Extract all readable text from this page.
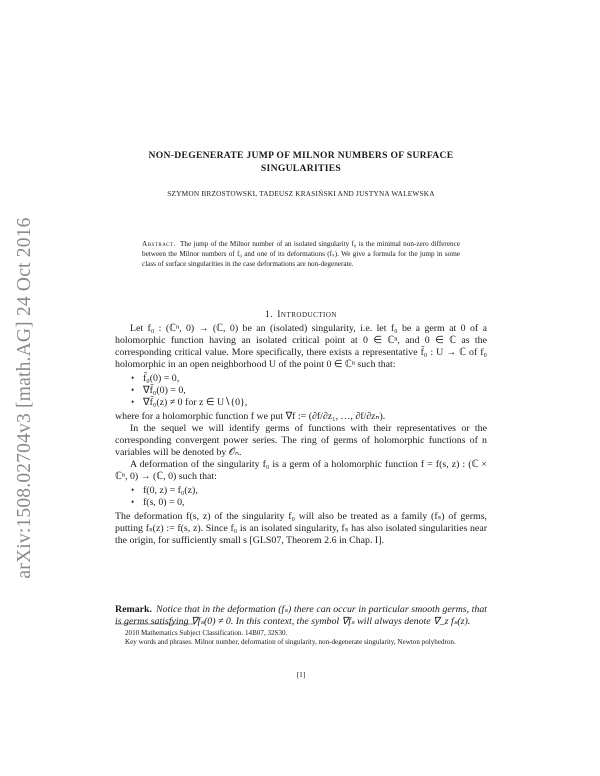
arXiv:1508.02704v3 [math.AG] 24 Oct 2016
NON-DEGENERATE JUMP OF MILNOR NUMBERS OF SURFACE
SINGULARITIES
SZYMON BRZOSTOWSKI, TADEUSZ KRASIŃSKI AND JUSTYNA WALEWSKA
Abstract. The jump of the Milnor number of an isolated singularity f₀ is the minimal non-zero difference between the Milnor numbers of f₀ and one of its deformations (fₛ). We give a formula for the jump in some class of surface singularities in the case deformations are non-degenerate.
1. Introduction

Let f₀ : (ℂⁿ, 0) → (ℂ, 0) be an (isolated) singularity, i.e. let f₀ be a germ at 0 of a holomorphic function having an isolated critical point at 0 ∈ ℂⁿ, and 0 ∈ ℂ as the corresponding critical value. More specifically, there exists a representative f̃₀ : U → ℂ of f₀ holomorphic in an open neighborhood U of the point 0 ∈ ℂⁿ such that:

• f̃₀(0) = 0,
• ∇f̃₀(0) = 0,
• ∇f̃₀(z) ≠ 0 for z ∈ U∖{0},

where for a holomorphic function f we put ∇f := (∂f/∂z₁, …, ∂f/∂zₙ).

In the sequel we will identify germs of functions with their representatives or the corresponding convergent power series. The ring of germs of holomorphic functions of n variables will be denoted by 𝒪ₙ.

A deformation of the singularity f₀ is a germ of a holomorphic function f = f(s, z) : (ℂ × ℂⁿ, 0) → (ℂ, 0) such that:

• f(0, z) = f₀(z),
• f(s, 0) = 0,

The deformation f(s, z) of the singularity f₀ will also be treated as a family (fₛ) of germs, putting fₛ(z) := f(s, z). Since f₀ is an isolated singularity, fₛ has also isolated singularities near the origin, for sufficiently small s [GLS07, Theorem 2.6 in Chap. I].

Remark. Notice that in the deformation (fₛ) there can occur in particular smooth germs, that is germs satisfying ∇fₛ(0) ≠ 0. In this context, the symbol ∇fₛ will always denote ∇_z fₛ(z).

2010 Mathematics Subject Classification. 14B07, 32S30.

Key words and phrases. Milnor number, deformation of singularity, non-degenerate singularity, Newton polyhedron.

[1]
